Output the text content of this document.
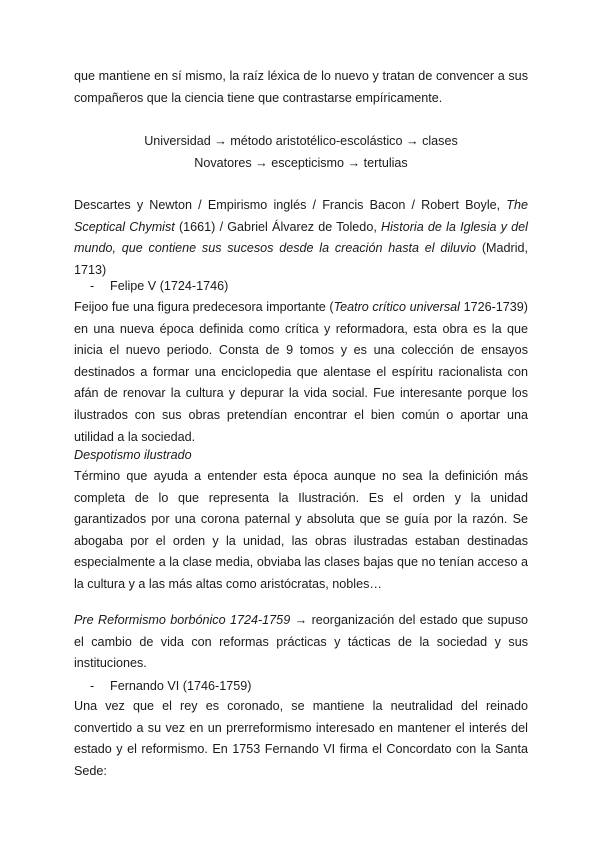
que mantiene en sí mismo, la raíz léxica de lo nuevo y tratan de convencer a sus compañeros que la ciencia tiene que contrastarse empíricamente.
Universidad → método aristotélico-escolástico → clases
Novatores → escepticismo → tertulias
Descartes y Newton / Empirismo inglés / Francis Bacon / Robert Boyle, The Sceptical Chymist (1661) / Gabriel Álvarez de Toledo, Historia de la Iglesia y del mundo, que contiene sus sucesos desde la creación hasta el diluvio (Madrid, 1713)
- Felipe V (1724-1746)
Feijoo fue una figura predecesora importante (Teatro crítico universal 1726-1739) en una nueva época definida como crítica y reformadora, esta obra es la que inicia el nuevo periodo. Consta de 9 tomos y es una colección de ensayos destinados a formar una enciclopedia que alentase el espíritu racionalista con afán de renovar la cultura y depurar la vida social. Fue interesante porque los ilustrados con sus obras pretendían encontrar el bien común o aportar una utilidad a la sociedad.
Despotismo ilustrado
Término que ayuda a entender esta época aunque no sea la definición más completa de lo que representa la Ilustración. Es el orden y la unidad garantizados por una corona paternal y absoluta que se guía por la razón. Se abogaba por el orden y la unidad, las obras ilustradas estaban destinadas especialmente a la clase media, obviaba las clases bajas que no tenían acceso a la cultura y a las más altas como aristócratas, nobles…
Pre Reformismo borbónico 1724-1759 → reorganización del estado que supuso el cambio de vida con reformas prácticas y tácticas de la sociedad y sus instituciones.
- Fernando VI (1746-1759)
Una vez que el rey es coronado, se mantiene la neutralidad del reinado convertido a su vez en un prerreformismo interesado en mantener el interés del estado y el reformismo. En 1753 Fernando VI firma el Concordato con la Santa Sede:
